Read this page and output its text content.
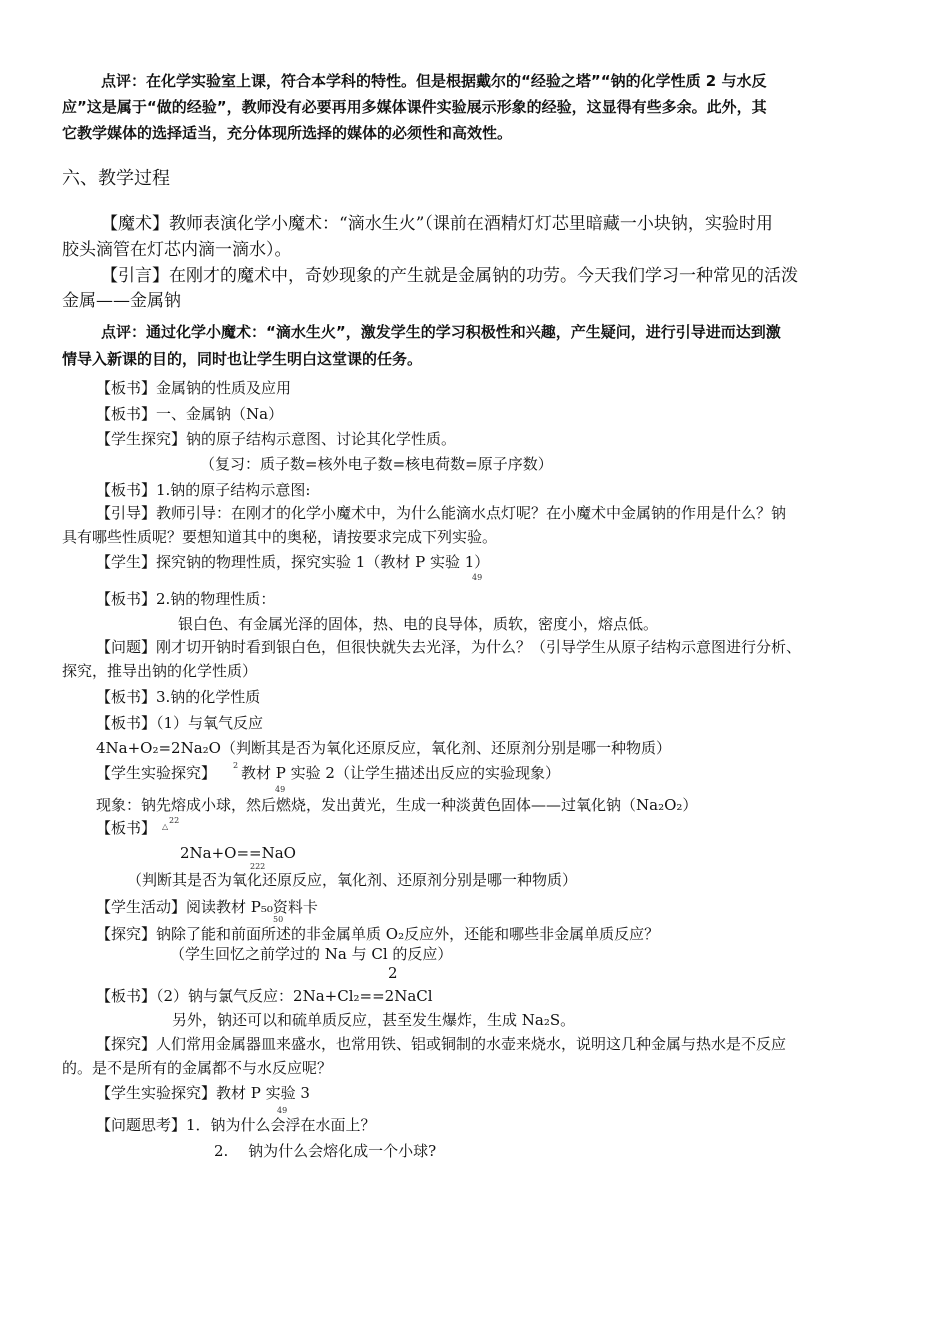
点评：在化学实验室上课，符合本学科的特性。但是根据戴尔的“经验之塔”“钠的化学性质 2 与水反
应”这是属于“做的经验”，教师没有必要再用多媒体课件实验展示形象的经验，这显得有些多余。此外，其
它教学媒体的选择适当，充分体现所选择的媒体的必须性和高效性。
六、教学过程
【魔术】教师表演化学小魔术：“滴水生火”（课前在酒精灯灯芯里暗藏一小块钠，实验时用
胶头滴管在灯芯内滴一滴水）。
【引言】在刚才的魔术中，奇妙现象的产生就是金属钠的功劳。今天我们学习一种常见的活泼
金属——金属钠
点评：通过化学小魔术：“滴水生火”，激发学生的学习积极性和兴趣，产生疑问，进行引导进而达到激
情导入新课的目的，同时也让学生明白这堂课的任务。
【板书】金属钠的性质及应用
【板书】一、金属钠（Na）
【学生探究】钠的原子结构示意图、讨论其化学性质。
（复习：质子数=核外电子数=核电荷数=原子序数）
【板书】1.钠的原子结构示意图:
【引导】教师引导：在刚才的化学小魔术中，为什么能滴水点灯呢？在小魔术中金属钠的作用是什么？钠
具有哪些性质呢？要想知道其中的奥秘，请按要求完成下列实验。
【学生】探究钠的物理性质，探究实验 1（教材 P 实验 1）
49
【板书】2.钠的物理性质：
银白色、有金属光泽的固体，热、电的良导体，质软，密度小，熔点低。
【问题】刚才切开钠时看到银白色，但很快就失去光泽，为什么？（引导学生从原子结构示意图进行分析、
探究，推导出钠的化学性质）
【板书】3.钠的化学性质
【板书】（1）与氧气反应
4Na+O₂=2Na₂O（判断其是否为氧化还原反应，氧化剂、还原剂分别是哪一种物质）
【学生实验探究】 2 教材 P 实验 2（让学生描述出反应的实验现象）
49
现象：钠先熔成小球，然后燃烧，发出黄光，生成一种淡黄色固体——过氧化钠（Na₂O₂）
【板书】 △
22
2Na+O==NaO
222
（判断其是否为氧化还原反应，氧化剂、还原剂分别是哪一种物质）
【学生活动】阅读教材 P₅₀资料卡
50
【探究】钠除了能和前面所述的非金属单质 O₂反应外，还能和哪些非金属单质反应？
（学生回忆之前学过的 Na 与 Cl 的反应）
2
【板书】（2）钠与氯气反应：2Na+Cl₂==2NaCl
另外，钠还可以和硫单质反应，甚至发生爆炸，生成 Na₂S。
【探究】人们常用金属器皿来盛水，也常用铁、铝或铜制的水壶来烧水，说明这几种金属与热水是不反应
的。是不是所有的金属都不与水反应呢？
【学生实验探究】教材 P 实验 3
49
【问题思考】1．钠为什么会浮在水面上？
2.　 钠为什么会熔化成一个小球?
